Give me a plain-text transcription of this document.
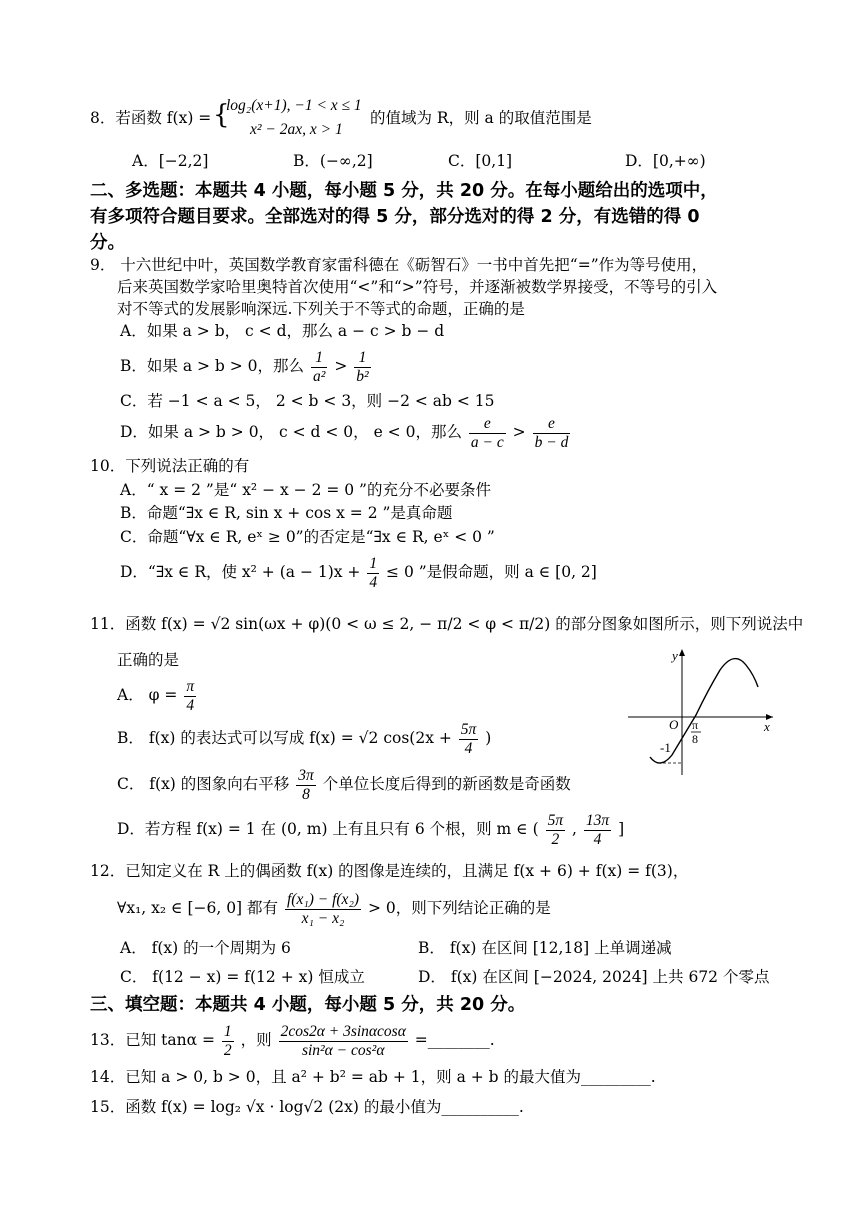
8．若函数 f(x) = {
log₂(x+1), −1 < x ≤ 1
x² − 2ax, x > 1
的值域为 R，则 a 的取值范围是
A．[−2,2]	B．(−∞,2]	C．[0,1]	D．[0,+∞)
二、多选题：本题共 4 小题，每小题 5 分，共 20 分。在每小题给出的选项中，
有多项符合题目要求。全部选对的得 5 分，部分选对的得 2 分，有选错的得 0
分。
9． 十六世纪中叶，英国数学教育家雷科德在《砺智石》一书中首先把“=”作为等号使用，
后来英国数学家哈里奥特首次使用“<”和“>”符号，并逐渐被数学界接受，不等号的引入
对不等式的发展影响深远.下列关于不等式的命题，正确的是
A．如果 a > b， c < d，那么 a − c > b − d
B．如果 a > b > 0，那么 $\frac{1}{\text{a²}} > \frac{1}{\text{b²}}$
C．若 −1 < a < 5， 2 < b < 3，则 −2 < ab < 15
D．如果 a > b > 0， c < d < 0， e < 0，那么 $\frac{e}{a - c} > \frac{e}{b - d}$
10．下列说法正确的有
A．“ x = 2 ”是“ x² − x − 2 = 0 ”的充分不必要条件
B．命题“∃x ∈ R, sin x + cos x = 2 ”是真命题
C．命题“∀x ∈ R, eˣ ≥ 0”的否定是“∃x ∈ R, eˣ < 0 ”
D．“∃x ∈ R，使 $x^2 + (a - 1)x + \frac{1}{4} \le 0$ ”是假命题，则 a ∈ [0, 2]
11．函数 f(x) = √2 sin(ωx + φ)(0 < ω ≤ 2, − π/2 < φ < π/2) 的部分图象如图所示，则下列说法中
正确的是
A． $\varphi = \frac{\pi}{4}$
B． f(x) 的表达式可以写成 f(x) = √2 $\cos(2x + \frac{5\pi}{4}$ )
C． f(x) 的图象向右平移 $\frac{3\pi}{8}$ 个单位长度后得到的新函数是奇函数
D．若方程 f(x) = 1 在 (0, m) 上有且只有 6 个根，则 m ∈ ( $\frac{5\pi}{2}$ , $\frac{13\pi}{4}$ ]
y
x
O
-1
π
8
12．已知定义在 R 上的偶函数 f(x) 的图像是连续的，且满足 f(x + 6) + f(x) = f(3)，
∀x₁, x₂ ∈ [−6, 0] 都有 $\frac{\text{f(x₁) − f(x₂)}}{\text{x₁ − x₂}} > 0$，则下列结论正确的是
A． f(x) 的一个周期为 6	B． f(x) 在区间 [12,18] 上单调递减
C． f(12 − x) = f(12 + x) 恒成立	D． f(x) 在区间 [−2024, 2024] 上共 672 个零点
三、填空题：本题共 4 小题，每小题 5 分，共 20 分。
13．已知 $\tan\alpha = \frac{1}{2}$ ，则 $\frac{2\cos 2\alpha + 3\sin\alpha\cos\alpha}{\text{sin²α − cos²α}}$ =________.
14．已知 a > 0, b > 0，且 a² + b² = ab + 1，则 a + b 的最大值为_________.
15．函数 f(x) = log₂ √x · log√2 (2x) 的最小值为__________.
